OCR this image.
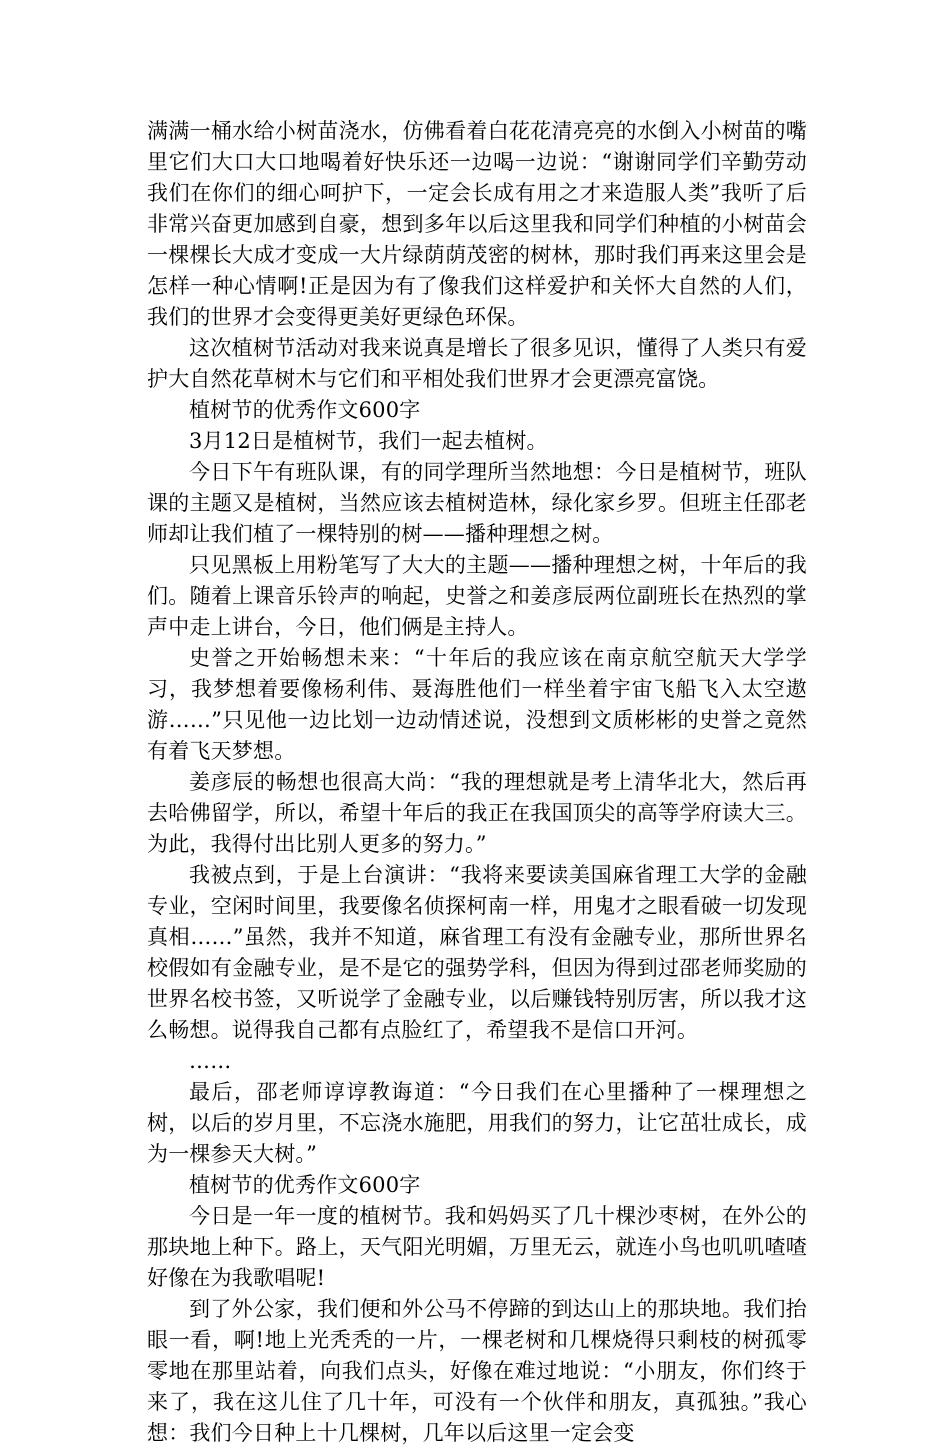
满满一桶水给小树苗浇水，仿佛看着白花花清亮亮的水倒入小树苗的嘴里它们大口大口地喝着好快乐还一边喝一边说：“谢谢同学们辛勤劳动我们在你们的细心呵护下，一定会长成有用之才来造服人类”我听了后非常兴奋更加感到自豪，想到多年以后这里我和同学们种植的小树苗会一棵棵长大成才变成一大片绿荫荫茂密的树林，那时我们再来这里会是怎样一种心情啊!正是因为有了像我们这样爱护和关怀大自然的人们，我们的世界才会变得更美好更绿色环保。

这次植树节活动对我来说真是增长了很多见识，懂得了人类只有爱护大自然花草树木与它们和平相处我们世界才会更漂亮富饶。

植树节的优秀作文600字

3月12日是植树节，我们一起去植树。

今日下午有班队课，有的同学理所当然地想：今日是植树节，班队课的主题又是植树，当然应该去植树造林，绿化家乡罗。但班主任邵老师却让我们植了一棵特别的树——播种理想之树。

只见黑板上用粉笔写了大大的主题——播种理想之树，十年后的我们。随着上课音乐铃声的响起，史誉之和姜彦辰两位副班长在热烈的掌声中走上讲台，今日，他们俩是主持人。

史誉之开始畅想未来：“十年后的我应该在南京航空航天大学学习，我梦想着要像杨利伟、聂海胜他们一样坐着宇宙飞船飞入太空遨游……”只见他一边比划一边动情述说，没想到文质彬彬的史誉之竟然有着飞天梦想。

姜彦辰的畅想也很高大尚：“我的理想就是考上清华北大，然后再去哈佛留学，所以，希望十年后的我正在我国顶尖的高等学府读大三。为此，我得付出比别人更多的努力。”

我被点到，于是上台演讲：“我将来要读美国麻省理工大学的金融专业，空闲时间里，我要像名侦探柯南一样，用鬼才之眼看破一切发现真相……”虽然，我并不知道，麻省理工有没有金融专业，那所世界名校假如有金融专业，是不是它的强势学科，但因为得到过邵老师奖励的世界名校书签，又听说学了金融专业，以后赚钱特别厉害，所以我才这么畅想。说得我自己都有点脸红了，希望我不是信口开河。

……

最后，邵老师谆谆教诲道：“今日我们在心里播种了一棵理想之树，以后的岁月里，不忘浇水施肥，用我们的努力，让它茁壮成长，成为一棵参天大树。”

植树节的优秀作文600字

今日是一年一度的植树节。我和妈妈买了几十棵沙枣树，在外公的那块地上种下。路上，天气阳光明媚，万里无云，就连小鸟也叽叽喳喳好像在为我歌唱呢!

到了外公家，我们便和外公马不停蹄的到达山上的那块地。我们抬眼一看，啊!地上光秃秃的一片，一棵老树和几棵烧得只剩枝的树孤零零地在那里站着，向我们点头，好像在难过地说：“小朋友，你们终于来了，我在这儿住了几十年，可没有一个伙伴和朋友，真孤独。”我心想：我们今日种上十几棵树，几年以后这里一定会变
